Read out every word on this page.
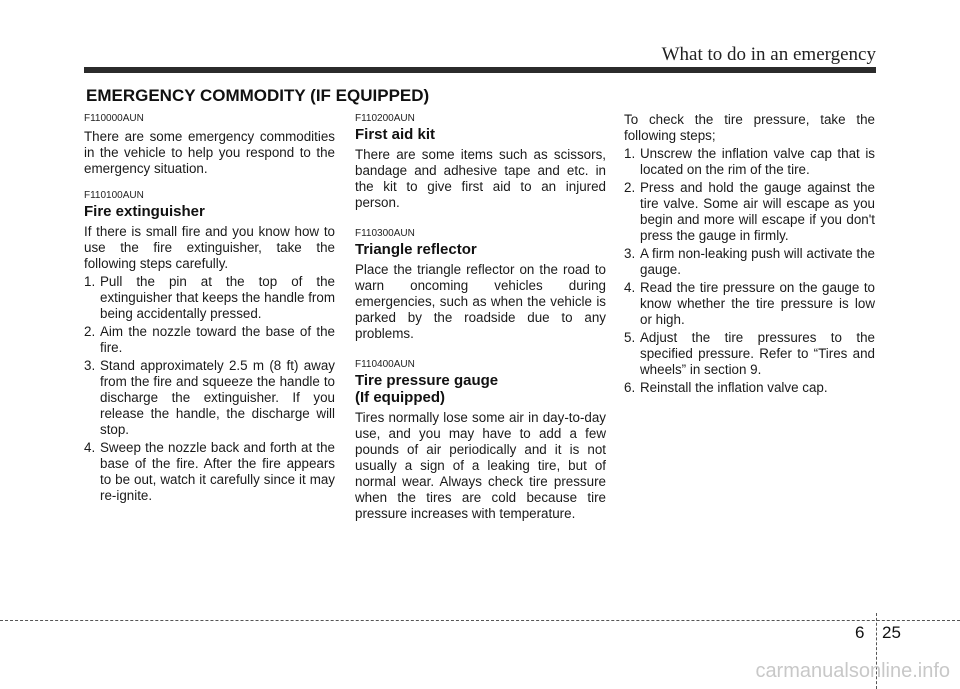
What to do in an emergency
EMERGENCY COMMODITY (IF EQUIPPED)
F110000AUN
There are some emergency commodities in the vehicle to help you respond to the emergency situation.
F110100AUN
Fire extinguisher
If there is small fire and you know how to use the fire extinguisher, take the following steps carefully.
1. Pull the pin at the top of the extinguisher that keeps the handle from being accidentally pressed.
2. Aim the nozzle toward the base of the fire.
3. Stand approximately 2.5 m (8 ft) away from the fire and squeeze the handle to discharge the extinguisher. If you release the handle, the discharge will stop.
4. Sweep the nozzle back and forth at the base of the fire. After the fire appears to be out, watch it carefully since it may re-ignite.
F110200AUN
First aid kit
There are some items such as scissors, bandage and adhesive tape and etc. in the kit to give first aid to an injured person.
F110300AUN
Triangle reflector
Place the triangle reflector on the road to warn oncoming vehicles during emergencies, such as when the vehicle is parked by the roadside due to any problems.
F110400AUN
Tire pressure gauge
(If equipped)
Tires normally lose some air in day-to-day use, and you may have to add a few pounds of air periodically and it is not usually a sign of a leaking tire, but of normal wear. Always check tire pressure when the tires are cold because tire pressure increases with temperature.
To check the tire pressure, take the following steps;
1. Unscrew the inflation valve cap that is located on the rim of the tire.
2. Press and hold the gauge against the tire valve. Some air will escape as you begin and more will escape if you don't press the gauge in firmly.
3. A firm non-leaking push will activate the gauge.
4. Read the tire pressure on the gauge to know whether the tire pressure is low or high.
5. Adjust the tire pressures to the specified pressure. Refer to “Tires and wheels” in section 9.
6. Reinstall the inflation valve cap.
6 25
carmanualsonline.info
